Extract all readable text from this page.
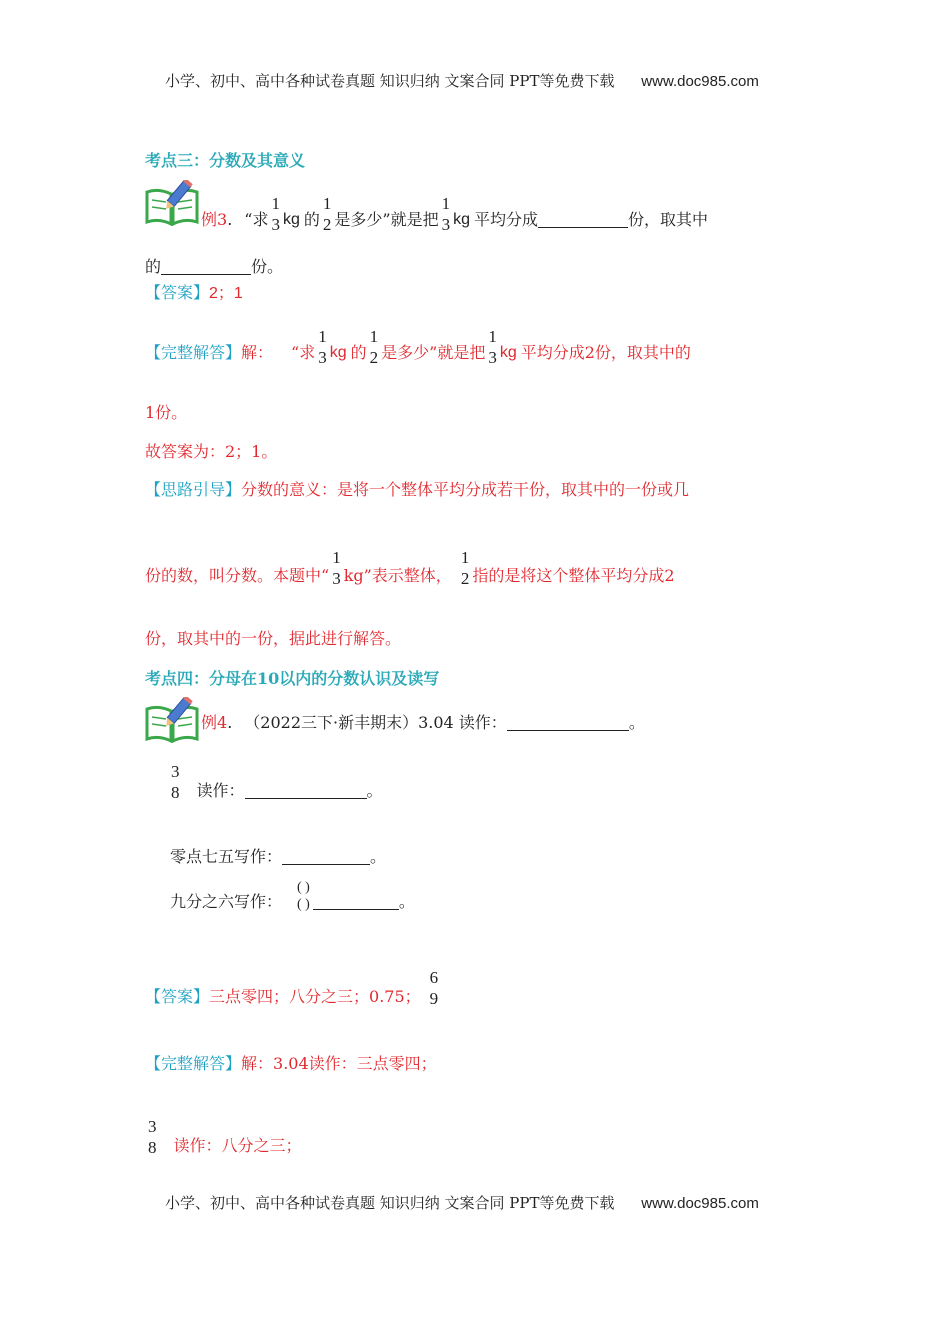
小学、初中、高中各种试卷真题 知识归纳 文案合同 PPT等免费下载 www.doc985.com
考点三：分数及其意义
例3 . “求
1
3 kg 的
1
2 是多少”就是把
1
3 kg 平均分成	份，取其中
的	份。
【答案】2；1
【完整解答】 解： “求
1
3 kg 的
1
2 是多少”就是把
1
3 kg 平均分成2份，取其中的
1份。
故答案为：2；1。
【思路引导】分数的意义：是将一个整体平均分成若干份，取其中的一份或几
份的数，叫分数。本题中“
1
3 kg”表示整体，
1
2 指的是将这个整体平均分成2
份，取其中的一份，据此进行解答。
考点四：分母在10以内的分数认识及读写
例4 . （2022三下·新丰期末）3.04 读作：	。
3
8 读作：	。
零点七五写作：	。
九分之六写作：
( )
( )	。
【答案】 三点零四；八分之三；0.75；
6
9
【完整解答】解：3.04读作：三点零四；
3
8 读作：八分之三；
小学、初中、高中各种试卷真题 知识归纳 文案合同 PPT等免费下载 www.doc985.com
